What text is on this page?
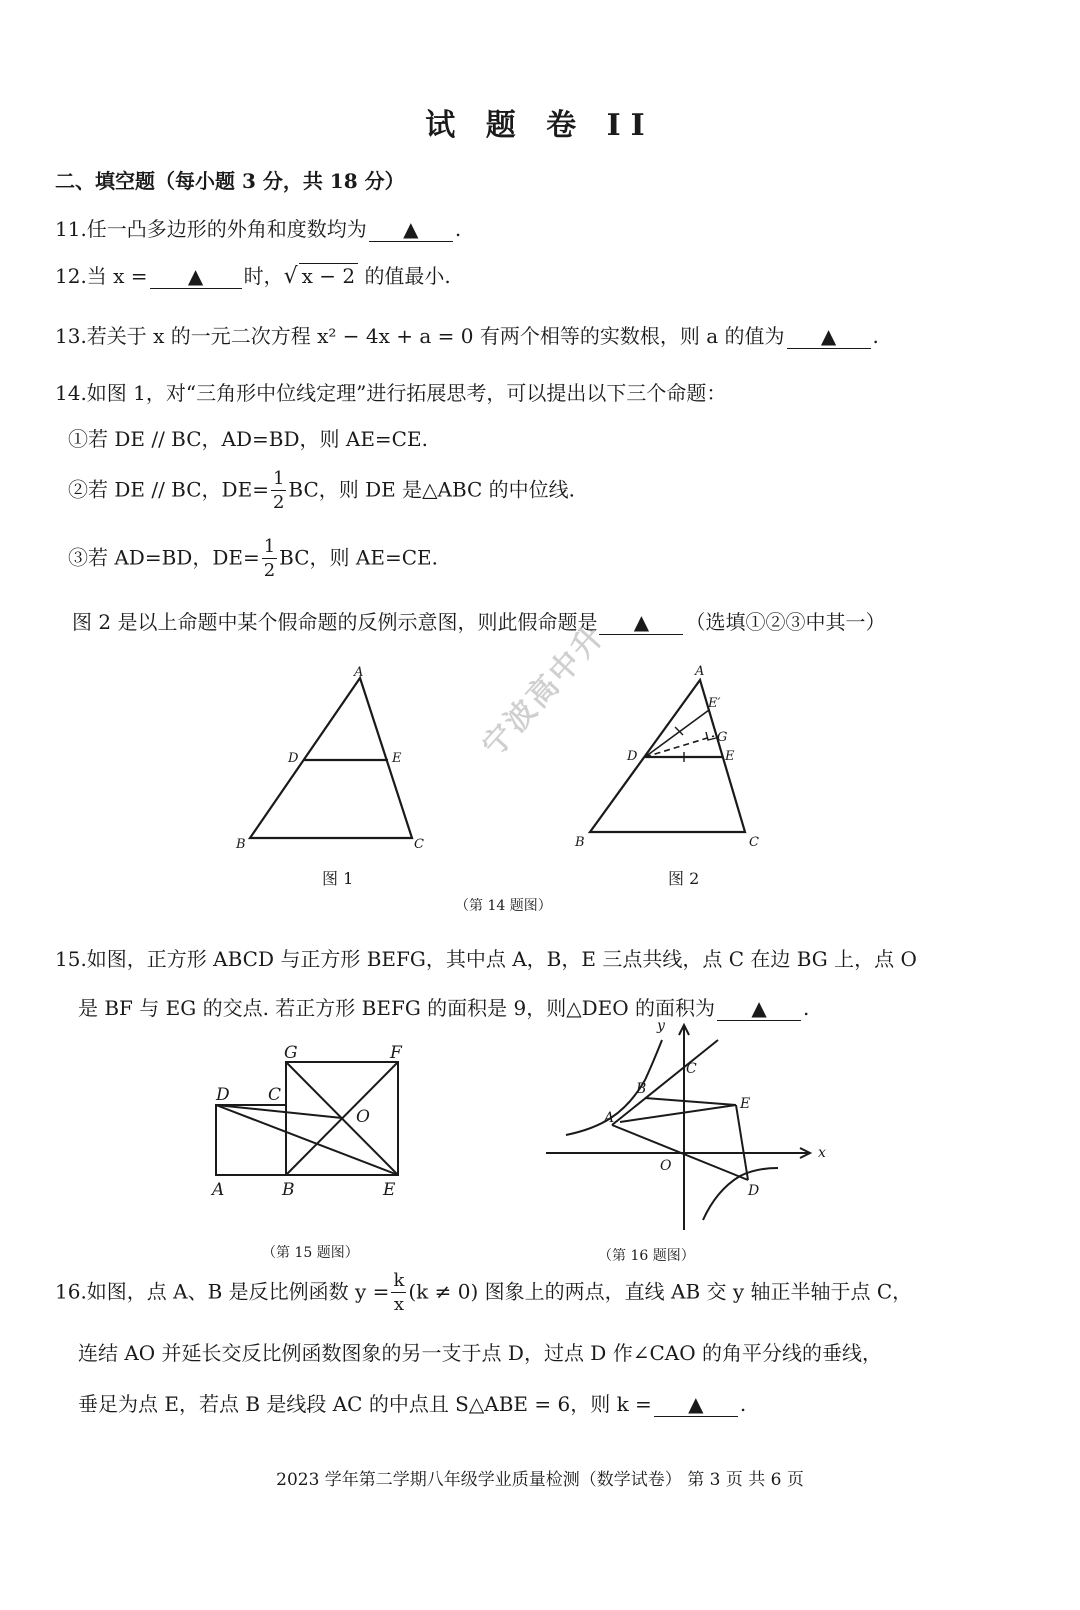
试 题 卷 II
二、填空题（每小题 3 分，共 18 分）
11.任一凸多边形的外角和度数均为 ▲ .
12.当 x = ▲ 时，√ x − 2 的值最小.
13.若关于 x 的一元二次方程 x² − 4x + a = 0 有两个相等的实数根，则 a 的值为 ▲ .
14.如图 1，对“三角形中位线定理”进行拓展思考，可以提出以下三个命题：
①若 DE // BC，AD=BD，则 AE=CE.
②若 DE // BC，$DE= \frac{1}{2}$ BC，则 DE 是△ABC 的中位线.
③若 AD=BD，$DE= \frac{1}{2}$ BC，则 AE=CE.
图 2 是以上命题中某个假命题的反例示意图，则此假命题是 ▲ （选填①②③中其一）
A
B	C
D	E
A
B	C
D	E
E′
G
D C
G	F
O
A	B	E
y
x
C
B
A
E
O
D
图 1	图 2
（第 14 题图）
15.如图，正方形 ABCD 与正方形 BEFG，其中点 A，B，E 三点共线，点 C 在边 BG 上，点 O
是 BF 与 EG 的交点. 若正方形 BEFG 的面积是 9，则△DEO 的面积为 ▲ .
（第 15 题图）	（第 16 题图）
16.如图，点 A、B 是反比例函数 $y = \frac{k}{x} (k \ne 0)$ 图象上的两点，直线 AB 交 y 轴正半轴于点 C，
连结 AO 并延长交反比例函数图象的另一支于点 D，过点 D 作∠CAO 的角平分线的垂线，
垂足为点 E，若点 B 是线段 AC 的中点且 S△ABE = 6，则 k = ▲ .
宁波高中升
2023 学年第二学期八年级学业质量检测（数学试卷） 第 3 页 共 6 页
